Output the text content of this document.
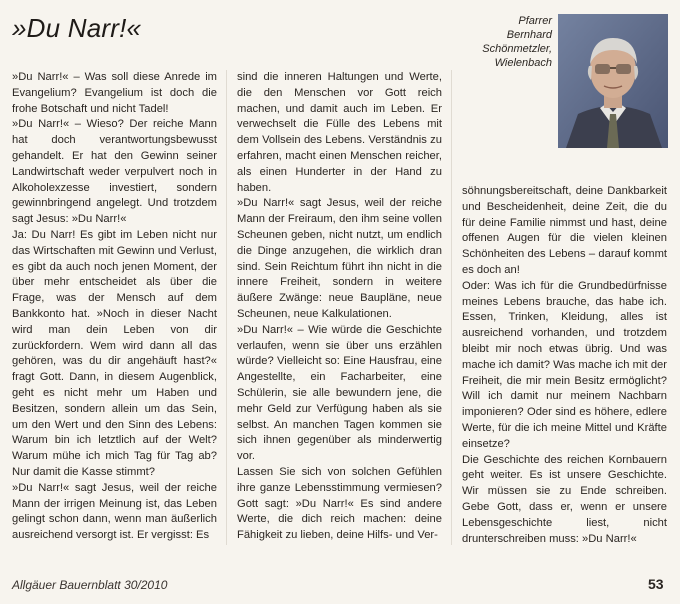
»Du Narr!«	Pfarrer
Bernhard
Schönmetzler,
Wielenbach

»Du Narr!« – Was soll diese Anrede im Evangelium? Evangelium ist doch die frohe Botschaft und nicht Tadel!

»Du Narr!« – Wieso? Der reiche Mann hat doch verantwortungsbewusst gehandelt. Er hat den Gewinn seiner Landwirtschaft weder verpulvert noch in Alkoholexzesse investiert, sondern gewinnbringend angelegt. Und trotzdem sagt Jesus: »Du Narr!«

Ja: Du Narr! Es gibt im Leben nicht nur das Wirtschaften mit Gewinn und Verlust, es gibt da auch noch jenen Moment, der über mehr entscheidet als über die Frage, was der Mensch auf dem Bankkonto hat. »Noch in dieser Nacht wird man dein Leben von dir zurückfordern. Wem wird dann all das gehören, was du dir angehäuft hast?« fragt Gott. Dann, in diesem Augenblick, geht es nicht mehr um Haben und Besitzen, sondern allein um das Sein, um den Wert und den Sinn des Lebens: Warum bin ich letztlich auf der Welt? Warum mühe ich mich Tag für Tag ab? Nur damit die Kasse stimmt?

»Du Narr!« sagt Jesus, weil der reiche Mann der irrigen Meinung ist, das Leben gelingt schon dann, wenn man äußerlich ausreichend versorgt ist. Er vergisst: Es

sind die inneren Haltungen und Werte, die den Menschen vor Gott reich machen, und damit auch im Leben. Er verwechselt die Fülle des Lebens mit dem Vollsein des Lebens. Verständnis zu erfahren, macht einen Menschen reicher, als einen Hunderter in der Hand zu haben.

»Du Narr!« sagt Jesus, weil der reiche Mann der Freiraum, den ihm seine vollen Scheunen geben, nicht nutzt, um endlich die Dinge anzugehen, die wirklich dran sind. Sein Reichtum führt ihn nicht in die innere Freiheit, sondern in weitere äußere Zwänge: neue Baupläne, neue Scheunen, neue Kalkulationen.

»Du Narr!« – Wie würde die Geschichte verlaufen, wenn sie über uns erzählen würde? Vielleicht so: Eine Hausfrau, eine Angestellte, ein Facharbeiter, eine Schülerin, sie alle bewundern jene, die mehr Geld zur Verfügung haben als sie selbst. An manchen Tagen kommen sie sich ihnen gegenüber als minderwertig vor.

Lassen Sie sich von solchen Gefühlen ihre ganze Lebensstimmung vermiesen? Gott sagt: »Du Narr!« Es sind andere Werte, die dich reich machen: deine Fähigkeit zu lieben, deine Hilfs- und Ver-

söhnungsbereitschaft, deine Dankbarkeit und Bescheidenheit, deine Zeit, die du für deine Familie nimmst und hast, deine offenen Augen für die vielen kleinen Schönheiten des Lebens – darauf kommt es doch an!

Oder: Was ich für die Grundbedürfnisse meines Lebens brauche, das habe ich. Essen, Trinken, Kleidung, alles ist ausreichend vorhanden, und trotzdem bleibt mir noch etwas übrig. Und was mache ich damit? Was mache ich mit der Freiheit, die mir mein Besitz ermöglicht? Will ich damit nur meinem Nachbarn imponieren? Oder sind es höhere, edlere Werte, für die ich meine Mittel und Kräfte einsetze?

Die Geschichte des reichen Kornbauern geht weiter. Es ist unsere Geschichte. Wir müssen sie zu Ende schreiben. Gebe Gott, dass er, wenn er unsere Lebensgeschichte liest, nicht drunterschreiben muss: »Du Narr!«

Allgäuer Bauernblatt 30/2010	53
